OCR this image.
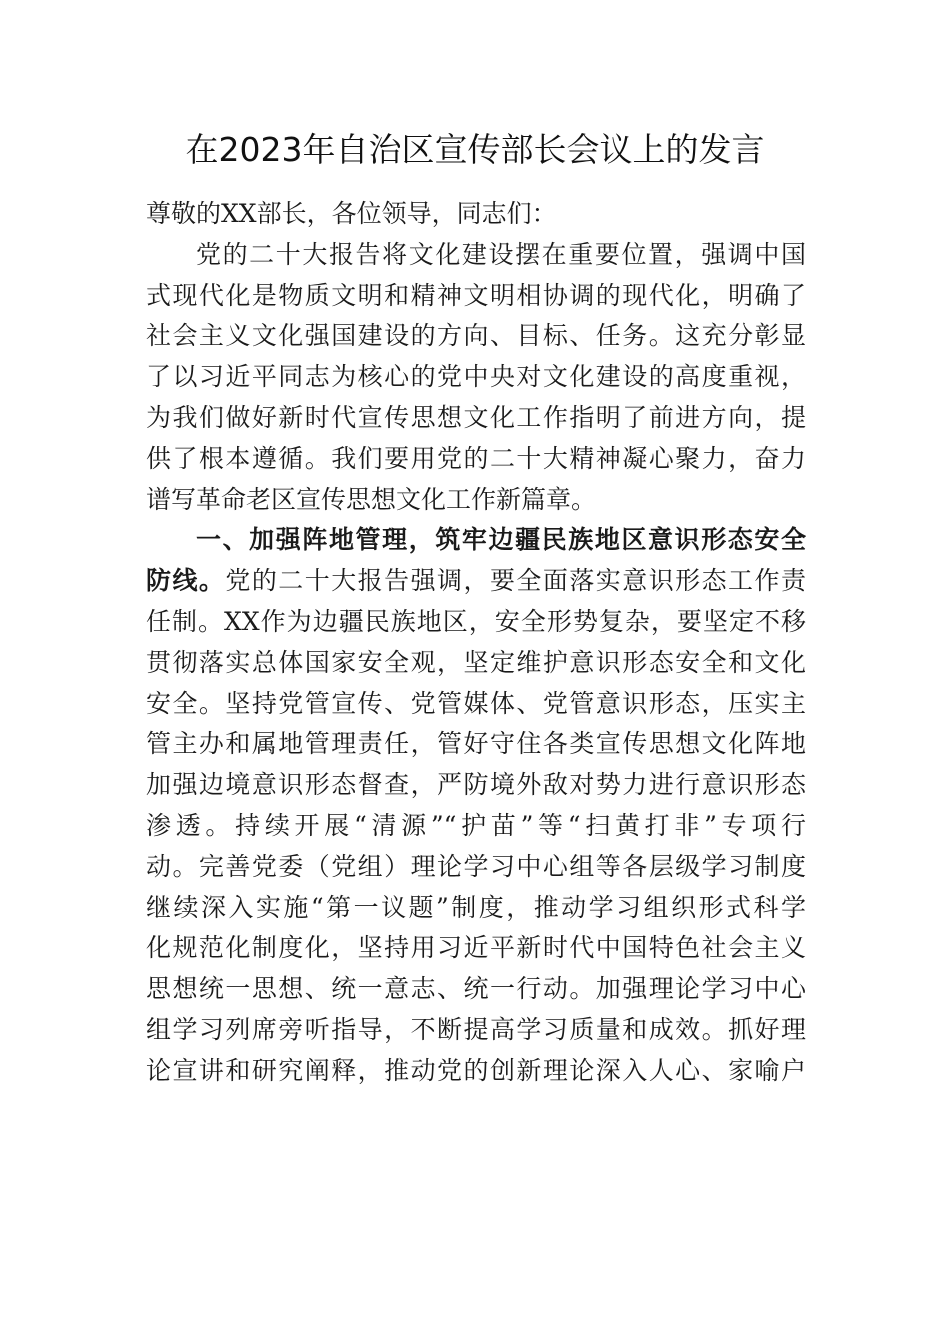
在2023年自治区宣传部长会议上的发言
尊敬的XX部长，各位领导，同志们：
党的二十大报告将文化建设摆在重要位置，强调中国
式现代化是物质文明和精神文明相协调的现代化，明确了
社会主义文化强国建设的方向、目标、任务。这充分彰显
了以习近平同志为核心的党中央对文化建设的高度重视，
为我们做好新时代宣传思想文化工作指明了前进方向，提
供了根本遵循。我们要用党的二十大精神凝心聚力，奋力
谱写革命老区宣传思想文化工作新篇章。
一、加强阵地管理，筑牢边疆民族地区意识形态安全
防线。党的二十大报告强调，要全面落实意识形态工作责
任制。XX作为边疆民族地区，安全形势复杂，要坚定不移
贯彻落实总体国家安全观，坚定维护意识形态安全和文化
安全。坚持党管宣传、党管媒体、党管意识形态，压实主
管主办和属地管理责任，管好守住各类宣传思想文化阵地
加强边境意识形态督查，严防境外敌对势力进行意识形态
渗透。持续开展“清源”“护苗”等“扫黄打非”专项行
动。完善党委（党组）理论学习中心组等各层级学习制度
继续深入实施“第一议题”制度，推动学习组织形式科学
化规范化制度化，坚持用习近平新时代中国特色社会主义
思想统一思想、统一意志、统一行动。加强理论学习中心
组学习列席旁听指导，不断提高学习质量和成效。抓好理
论宣讲和研究阐释，推动党的创新理论深入人心、家喻户
